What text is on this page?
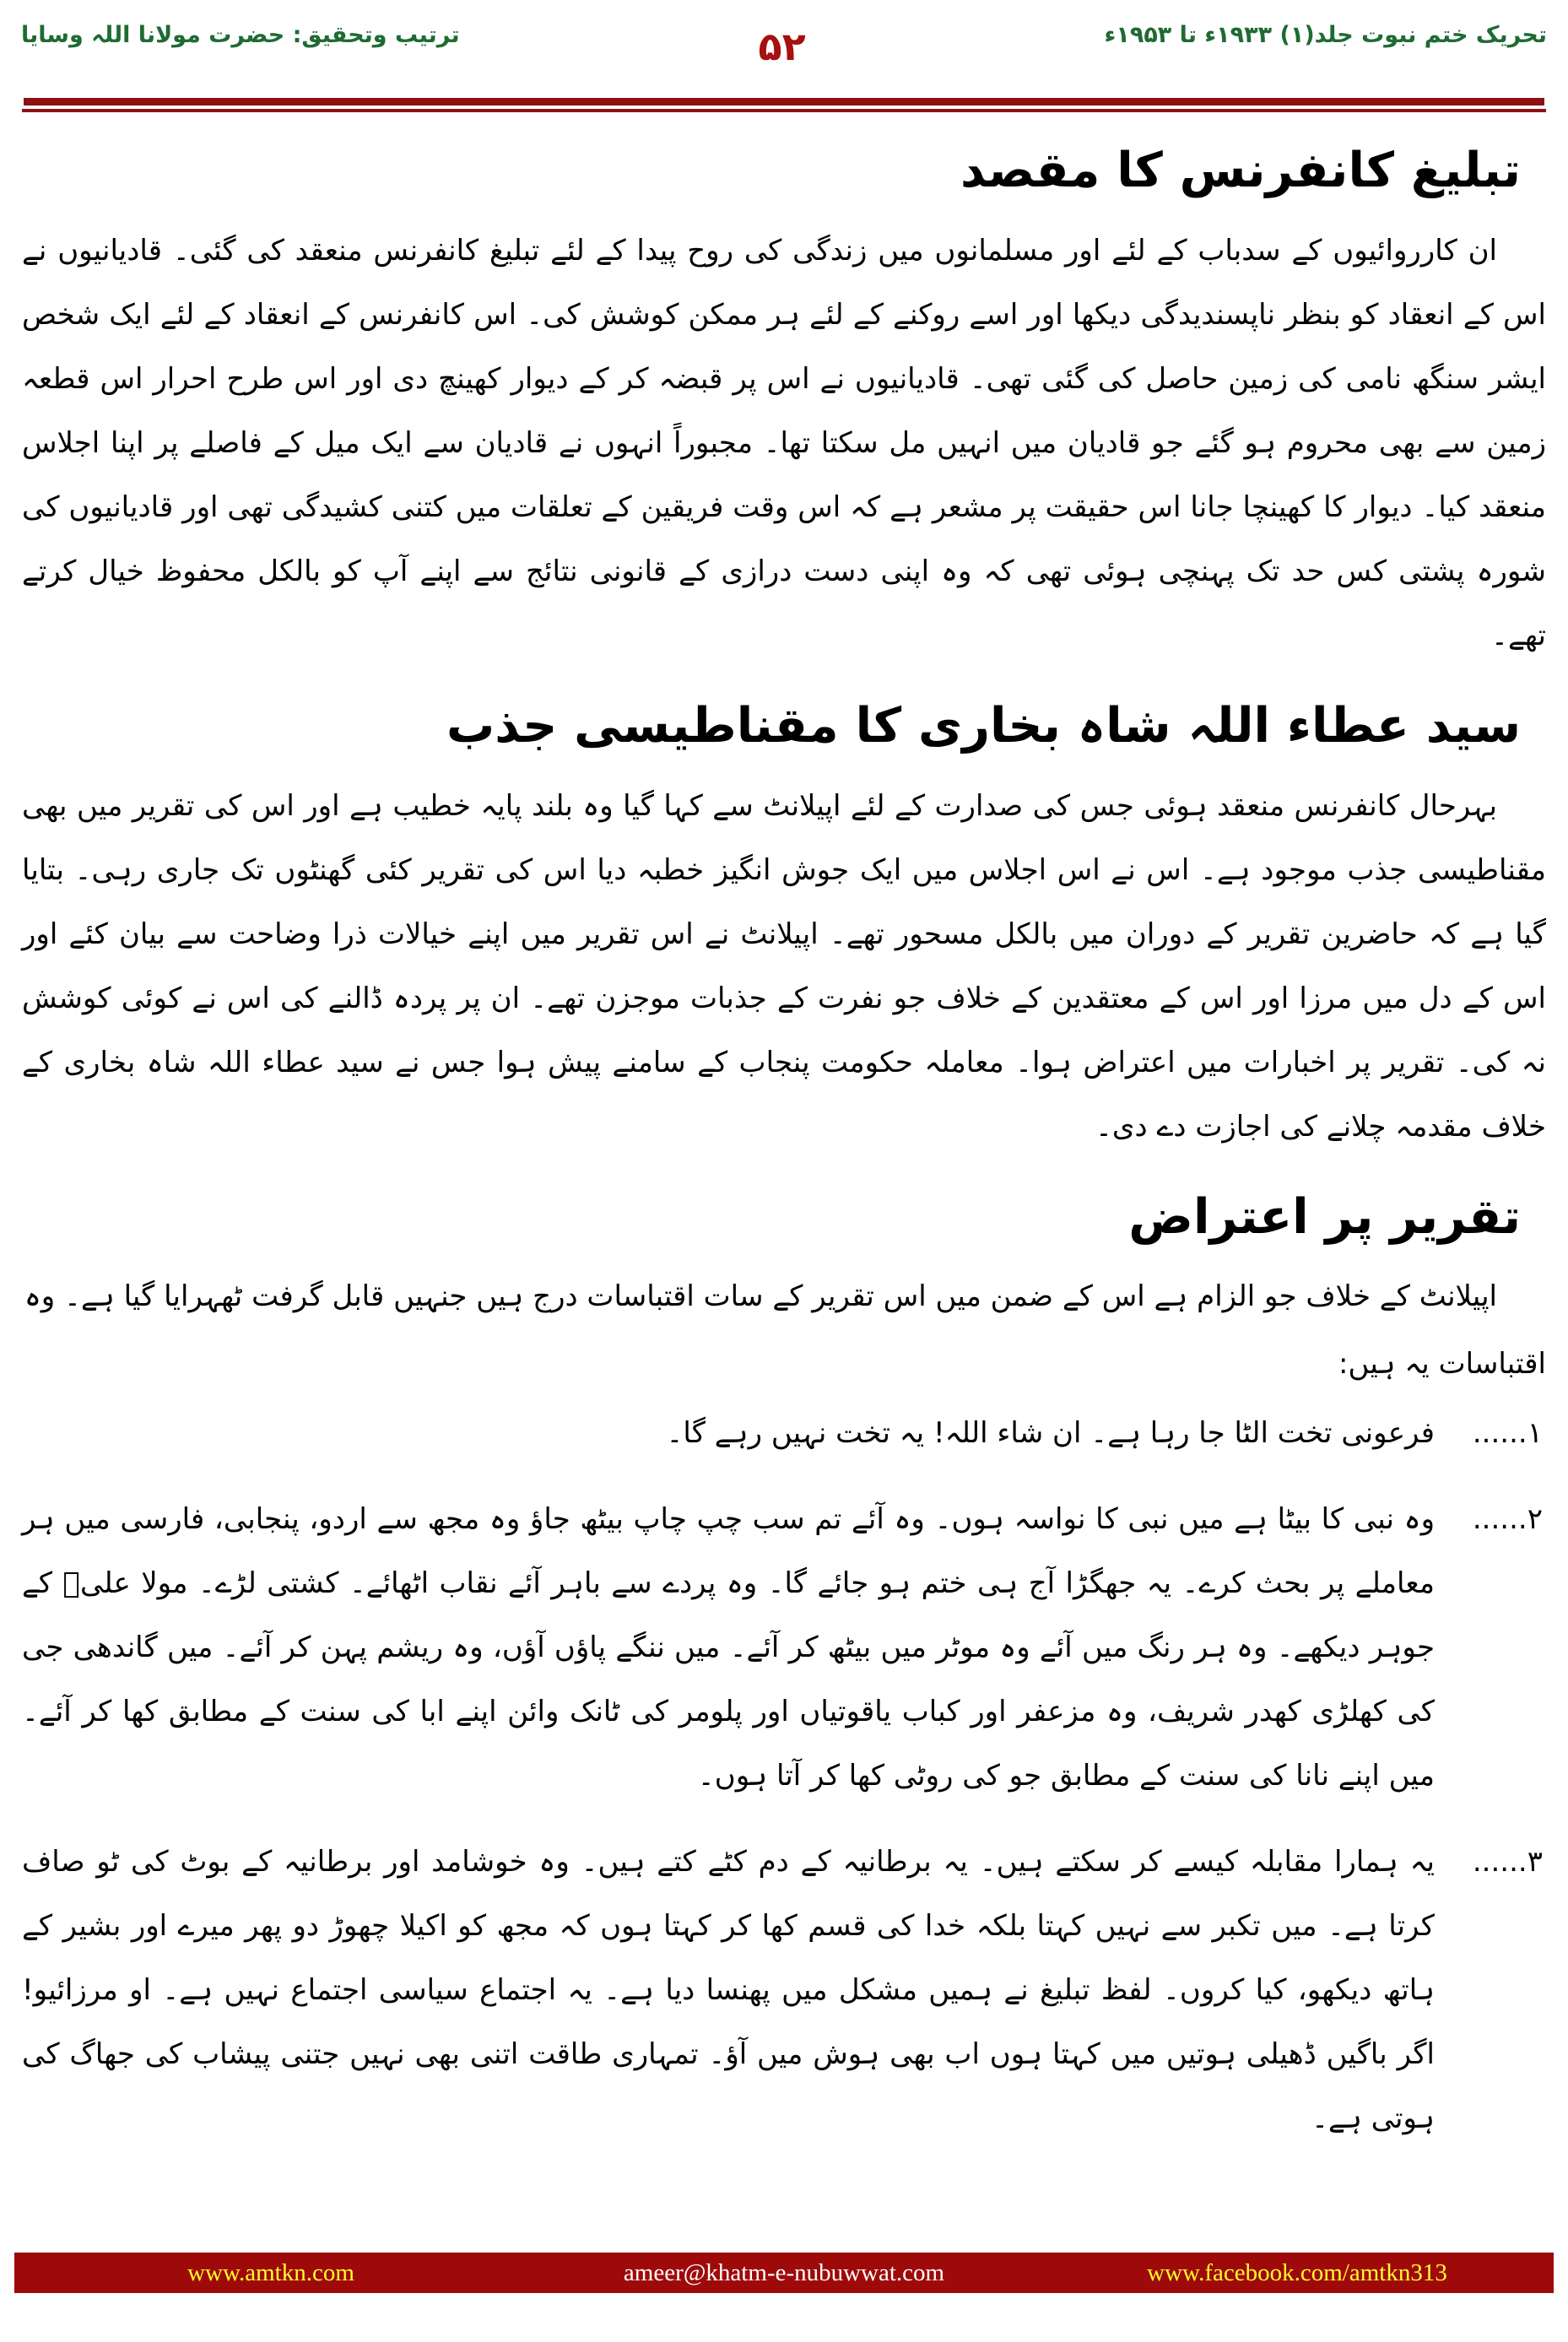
تحریک ختم نبوت جلد(۱) ۱۹۳۳ء تا ۱۹۵۳ء
۵۲
ترتیب وتحقیق: حضرت مولانا اللہ وسایا
تبلیغ کانفرنس کا مقصد

ان کارروائیوں کے سدباب کے لئے اور مسلمانوں میں زندگی کی روح پیدا کے لئے تبلیغ کانفرنس منعقد کی گئی۔ قادیانیوں نے اس کے انعقاد کو بنظر ناپسندیدگی دیکھا اور اسے روکنے کے لئے ہر ممکن کوشش کی۔ اس کانفرنس کے انعقاد کے لئے ایک شخص ایشر سنگھ نامی کی زمین حاصل کی گئی تھی۔ قادیانیوں نے اس پر قبضہ کر کے دیوار کھینچ دی اور اس طرح احرار اس قطعہ زمین سے بھی محروم ہو گئے جو قادیان میں انہیں مل سکتا تھا۔ مجبوراً انہوں نے قادیان سے ایک میل کے فاصلے پر اپنا اجلاس منعقد کیا۔ دیوار کا کھینچا جانا اس حقیقت پر مشعر ہے کہ اس وقت فریقین کے تعلقات میں کتنی کشیدگی تھی اور قادیانیوں کی شورہ پشتی کس حد تک پہنچی ہوئی تھی کہ وہ اپنی دست درازی کے قانونی نتائج سے اپنے آپ کو بالکل محفوظ خیال کرتے تھے۔

سید عطاء اللہ شاہ بخاری کا مقناطیسی جذب

بہرحال کانفرنس منعقد ہوئی جس کی صدارت کے لئے اپیلانٹ سے کہا گیا وہ بلند پایہ خطیب ہے اور اس کی تقریر میں بھی مقناطیسی جذب موجود ہے۔ اس نے اس اجلاس میں ایک جوش انگیز خطبہ دیا اس کی تقریر کئی گھنٹوں تک جاری رہی۔ بتایا گیا ہے کہ حاضرین تقریر کے دوران میں بالکل مسحور تھے۔ اپیلانٹ نے اس تقریر میں اپنے خیالات ذرا وضاحت سے بیان کئے اور اس کے دل میں مرزا اور اس کے معتقدین کے خلاف جو نفرت کے جذبات موجزن تھے۔ ان پر پردہ ڈالنے کی اس نے کوئی کوشش نہ کی۔ تقریر پر اخبارات میں اعتراض ہوا۔ معاملہ حکومت پنجاب کے سامنے پیش ہوا جس نے سید عطاء اللہ شاہ بخاری کے خلاف مقدمہ چلانے کی اجازت دے دی۔

تقریر پر اعتراض

اپیلانٹ کے خلاف جو الزام ہے اس کے ضمن میں اس تقریر کے سات اقتباسات درج ہیں جنہیں قابل گرفت ٹھہرایا گیا ہے۔ وہ

اقتباسات یہ ہیں:

۱......
فرعونی تخت الٹا جا رہا ہے۔ ان شاء اللہ! یہ تخت نہیں رہے گا۔
۲......
وہ نبی کا بیٹا ہے میں نبی کا نواسہ ہوں۔ وہ آئے تم سب چپ چاپ بیٹھ جاؤ وہ مجھ سے اردو، پنجابی، فارسی میں ہر معاملے پر بحث کرے۔ یہ جھگڑا آج ہی ختم ہو جائے گا۔ وہ پردے سے باہر آئے نقاب اٹھائے۔ کشتی لڑے۔ مولا علیؓ کے جوہر دیکھے۔ وہ ہر رنگ میں آئے وہ موٹر میں بیٹھ کر آئے۔ میں ننگے پاؤں آؤں، وہ ریشم پہن کر آئے۔ میں گاندھی جی کی کھلڑی کھدر شریف، وہ مزعفر اور کباب یاقوتیاں اور پلومر کی ٹانک وائن اپنے ابا کی سنت کے مطابق کھا کر آئے۔ میں اپنے نانا کی سنت کے مطابق جو کی روٹی کھا کر آتا ہوں۔
۳......
یہ ہمارا مقابلہ کیسے کر سکتے ہیں۔ یہ برطانیہ کے دم کٹے کتے ہیں۔ وہ خوشامد اور برطانیہ کے بوٹ کی ٹو صاف کرتا ہے۔ میں تکبر سے نہیں کہتا بلکہ خدا کی قسم کھا کر کہتا ہوں کہ مجھ کو اکیلا چھوڑ دو پھر میرے اور بشیر کے ہاتھ دیکھو، کیا کروں۔ لفظ تبلیغ نے ہمیں مشکل میں پھنسا دیا ہے۔ یہ اجتماع سیاسی اجتماع نہیں ہے۔ او مرزائیو! اگر باگیں ڈھیلی ہوتیں میں کہتا ہوں اب بھی ہوش میں آؤ۔ تمہاری طاقت اتنی بھی نہیں جتنی پیشاب کی جھاگ کی ہوتی ہے۔
www.amtkn.com	ameer@khatm-e-nubuwwat.com	www.facebook.com/amtkn313
